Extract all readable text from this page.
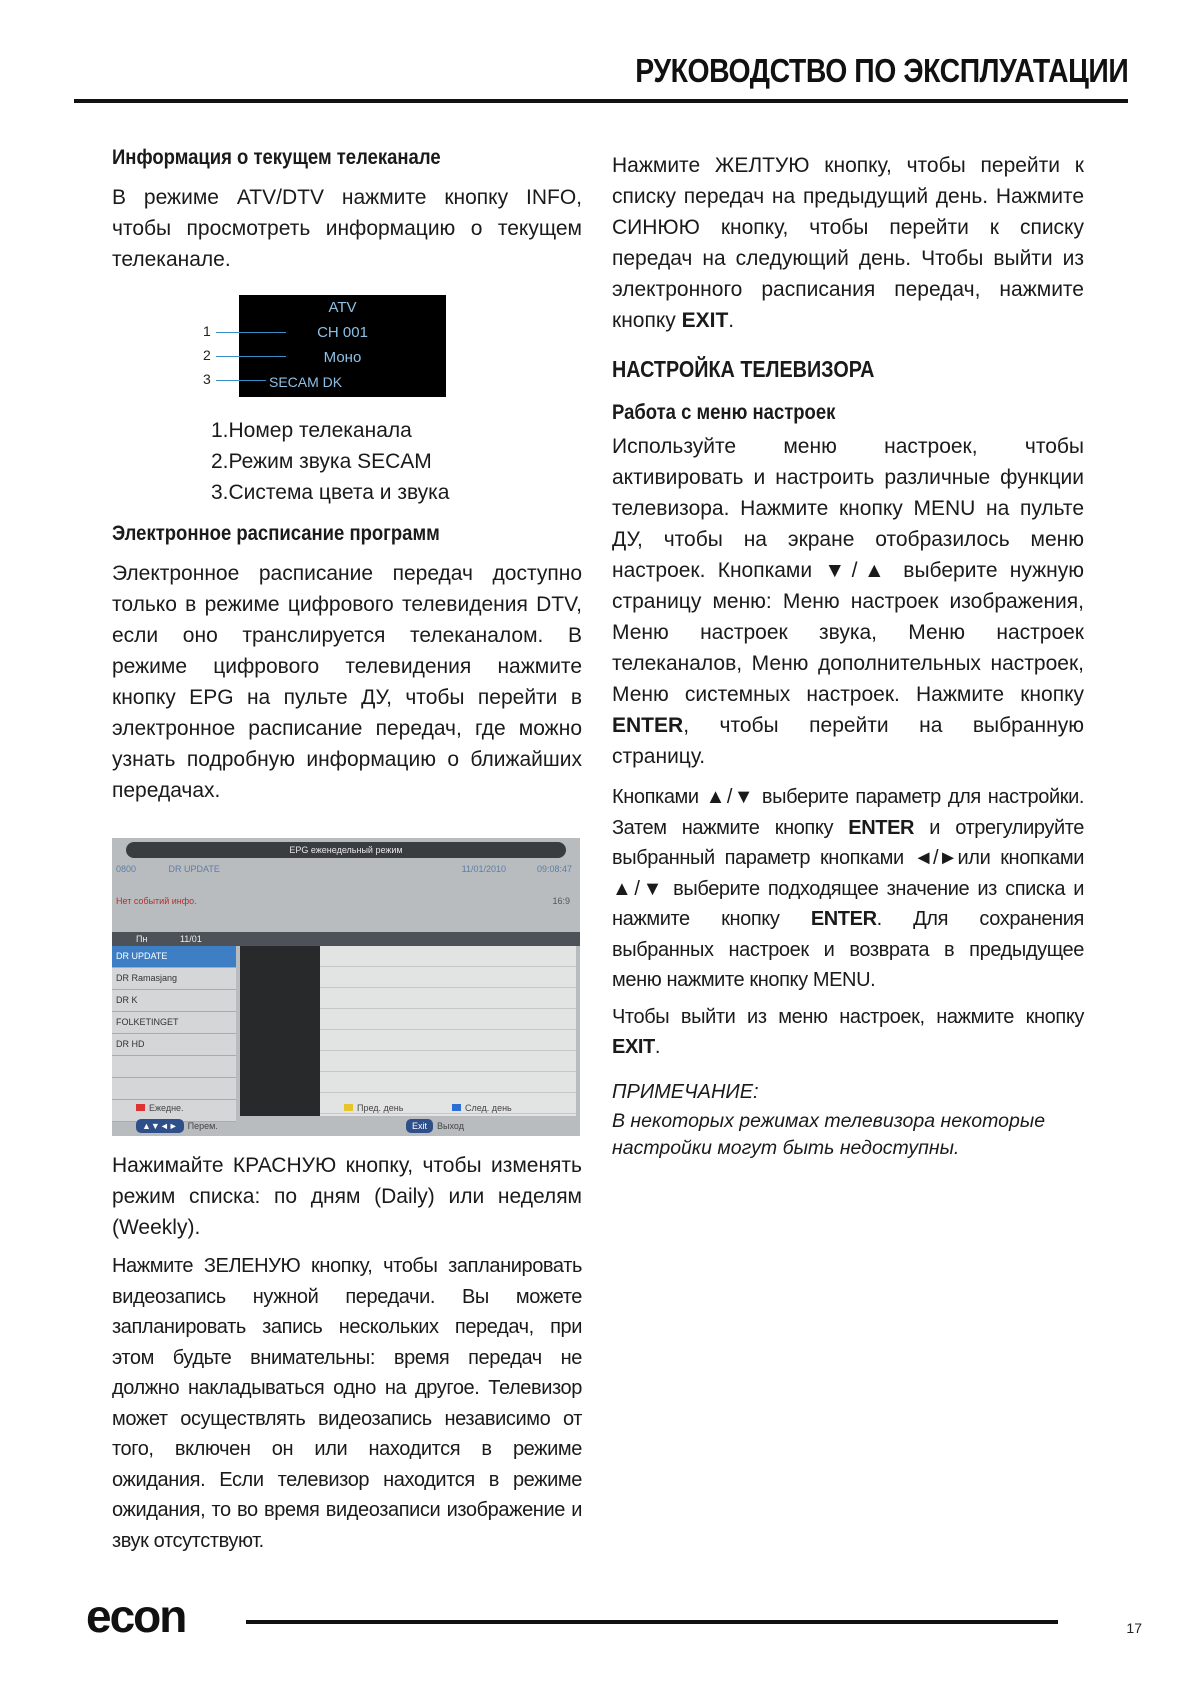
РУКОВОДСТВО ПО ЭКСПЛУАТАЦИИ
Информация о текущем телеканале

В режиме ATV/DTV нажмите кнопку INFO, чтобы просмотреть информацию о текущем телеканале.

ATV
CH 001
Моно
SECAM DK
1
2
3
1.Номер телеканала
2.Режим звука SECAM
3.Система цвета и звука
Электронное расписание программ

Электронное расписание передач доступно только в режиме цифрового телевидения DTV, если оно транслируется телеканалом. В режиме цифрового телевидения нажмите кнопку EPG на пульте ДУ, чтобы перейти в электронное расписание передач, где можно узнать подробную информацию о ближайших передачах.

EPG еженедельный режим
0800	DR UPDATE	11/01/2010	09:08:47
Нет событий инфо.	16:9
Пн	11/01
DR UPDATE
DR Ramasjang
DR K
FOLKETINGET
DR HD
Ежедне.	Пред. день	След. день
▲▼◄► Перем.	Exit Выход

Нажимайте КРАСНУЮ кнопку, чтобы изменять режим списка: по дням (Daily) или неделям (Weekly).

Нажмите ЗЕЛЕНУЮ кнопку, чтобы запланировать видеозапись нужной передачи. Вы можете запланировать запись нескольких передач, при этом будьте внимательны: время передач не должно накладываться одно на другое. Телевизор может осуществлять видеозапись независимо от того, включен он или находится в режиме ожидания. Если телевизор находится в режиме ожидания, то во время видеозаписи изображение и звук отсутствуют.

Нажмите ЖЕЛТУЮ кнопку, чтобы перейти к списку передач на предыдущий день. Нажмите СИНЮЮ кнопку, чтобы перейти к списку передач на следующий день. Чтобы выйти из электронного расписания передач, нажмите кнопку EXIT.

НАСТРОЙКА ТЕЛЕВИЗОРА
Работа с меню настроек

Используйте меню настроек, чтобы активировать и настроить различные функции телевизора. Нажмите кнопку MENU на пульте ДУ, чтобы на экране отобразилось меню настроек. Кнопками ▼/▲ выберите нужную страницу меню: Меню настроек изображения, Меню настроек звука, Меню настроек телеканалов, Меню дополнительных настроек, Меню системных настроек. Нажмите кнопку ENTER, чтобы перейти на выбранную страницу.

Кнопками ▲/▼ выберите параметр для настройки. Затем нажмите кнопку ENTER и отрегулируйте выбранный параметр кнопками ◄/►или кнопками ▲/▼ выберите подходящее значение из списка и нажмите кнопку ENTER. Для сохранения выбранных настроек и возврата в предыдущее меню нажмите кнопку MENU.

Чтобы выйти из меню настроек, нажмите кнопку EXIT.

ПРИМЕЧАНИЕ:

В некоторых режимах телевизора некоторые настройки могут быть недоступны.

econ	17
